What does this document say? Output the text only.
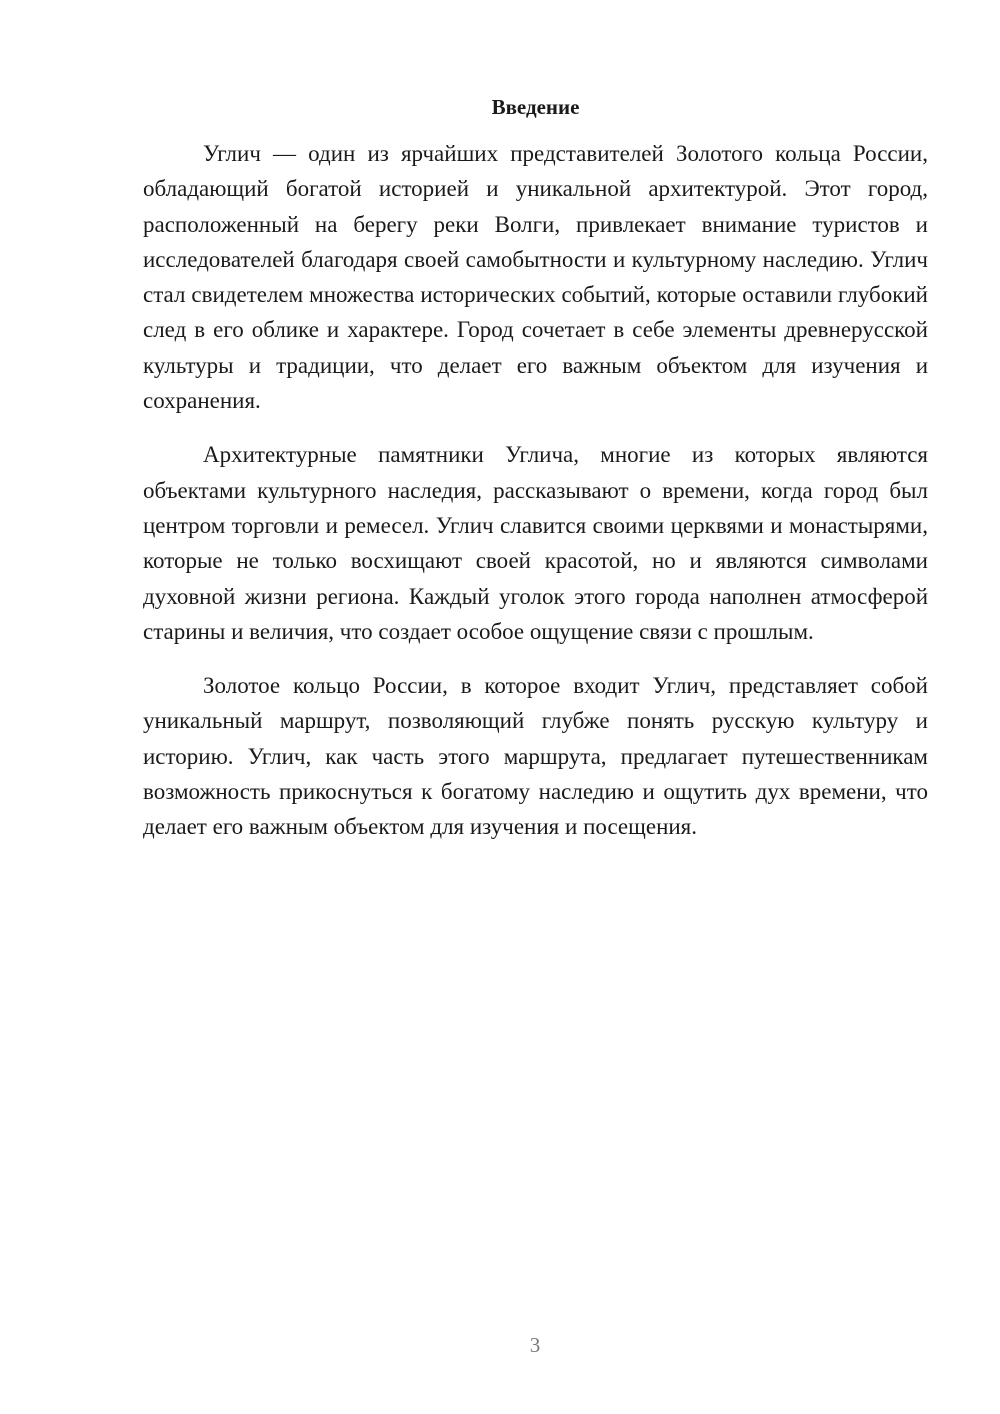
Введение

Углич — один из ярчайших представителей Золотого кольца России, обладающий богатой историей и уникальной архитектурой. Этот город, расположенный на берегу реки Волги, привлекает внимание туристов и исследователей благодаря своей самобытности и культурному наследию. Углич стал свидетелем множества исторических событий, которые оставили глубокий след в его облике и характере. Город сочетает в себе элементы древнерусской культуры и традиции, что делает его важным объектом для изучения и сохранения.

Архитектурные памятники Углича, многие из которых являются объектами культурного наследия, рассказывают о времени, когда город был центром торговли и ремесел. Углич славится своими церквями и монастырями, которые не только восхищают своей красотой, но и являются символами духовной жизни региона. Каждый уголок этого города наполнен атмосферой старины и величия, что создает особое ощущение связи с прошлым.

Золотое кольцо России, в которое входит Углич, представляет собой уникальный маршрут, позволяющий глубже понять русскую культуру и историю. Углич, как часть этого маршрута, предлагает путешественникам возможность прикоснуться к богатому наследию и ощутить дух времени, что делает его важным объектом для изучения и посещения.

3
